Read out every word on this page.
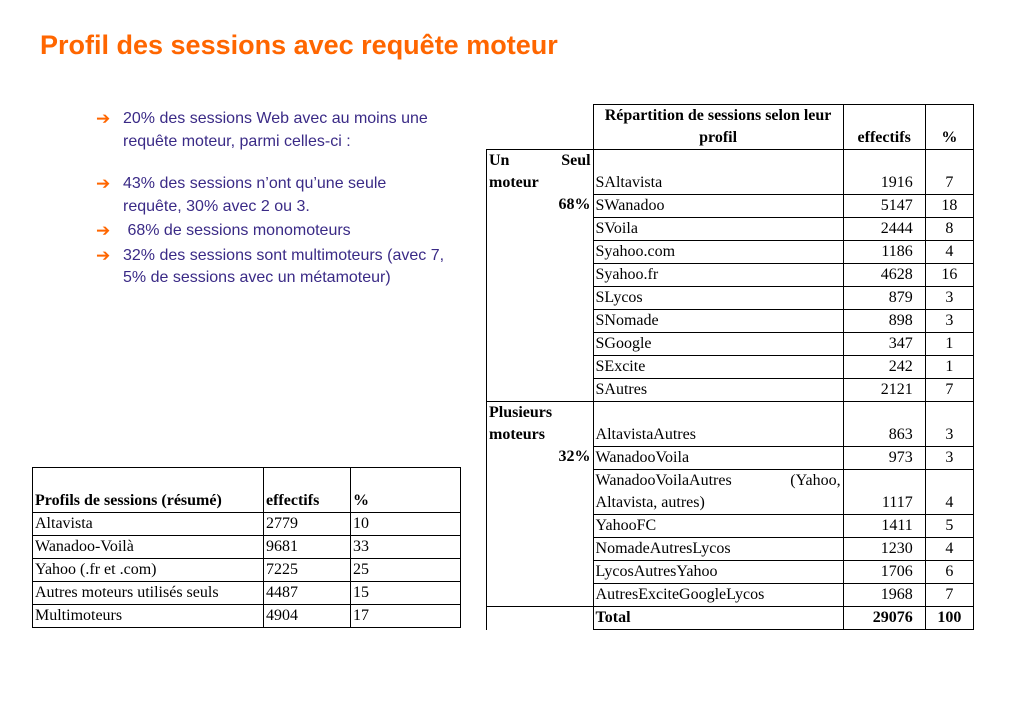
Profil des sessions avec requête moteur
➔ 20% des sessions Web avec au moins une requête moteur, parmi celles-ci :
➔ 43% des sessions n’ont qu’une seule requête, 30% avec 2 ou 3.
➔ 68% de sessions monomoteurs
➔ 32% des sessions sont multimoteurs (avec 7, 5% de sessions avec un métamoteur)
Profils de sessions (résumé)	effectifs	%
Altavista	2779	10
Wanadoo-Voilà	9681	33
Yahoo (.fr et .com)	7225	25
Autres moteurs utilisés seuls	4487	15
Multimoteurs	4904	17
	Répartition de sessions selon leur profil	effectifs	%

Un Seul
moteur
68%	SAltavista	1916	7
	SWanadoo	5147	18
	SVoila	2444	8
	Syahoo.com	1186	4
	Syahoo.fr	4628	16
	SLycos	879	3
	SNomade	898	3
	SGoogle	347	1
	SExcite	242	1
	SAutres	2121	7

Plusieurs
moteurs
32%	AltavistaAutres	863	3
	WanadooVoila	973	3
	WanadooVoilaAutres (Yahoo, Altavista, autres)	1117	4
	YahooFC	1411	5
	NomadeAutresLycos	1230	4
	LycosAutresYahoo	1706	6
	AutresExciteGoogleLycos	1968	7
	Total	29076	100
